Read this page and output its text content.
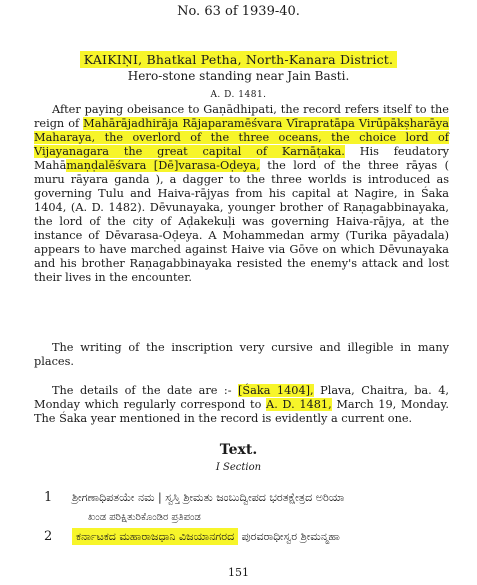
No. 63 of 1939-40.
KAIKIṆI, Bhatkal Petha, North-Kanara District.
Hero-stone standing near Jain Basti.
A. D. 1481.

After paying obeisance to Gaṇādhipati, the record refers itself to the reign of Mahārājadhirāja Rājaparamēśvara Vīrapratāpa Virūpākṣharāya Maharaya, the overlord of the three oceans, the choice lord of Vijayanagara the great capital of Karnāṭaka. His feudatory Mahāmaṇḍalēśvara [Dē]varasa-Oḍeya, the lord of the three rāyas ( muru rāyara ganda ), a dagger to the three worlds is introduced as governing Tulu and Haiva-rājyas from his capital at Nagire, in Śaka 1404, (A. D. 1482). Dēvunayaka, younger brother of Raṇagabbinayaka, the lord of the city of Aḍakekuḷi was governing Haiva-rājya, at the instance of Dēvarasa-Oḍeya. A Mohammedan army (Turika pāyadala) appears to have marched against Haive via Gōve on which Dēvunayaka and his brother Raṇagabbinayaka resisted the enemy's attack and lost their lives in the encounter.

The writing of the inscription very cursive and illegible in many places.

The details of the date are :- [Śaka 1404], Plava, Chaitra, ba. 4, Monday which regularly correspond to A. D. 1481, March 19, Monday. The Śaka year mentioned in the record is evidently a current one.

Text.
I Section
1 ಶ್ರೀಗಣಾಧಿಪತಯೇ ನಮ | ಸ್ವಸ್ತಿ ಶ್ರೀಮತು ಜಂಬುದ್ವೀಪದ ಭರತಕ್ಷೇತ್ರದ ಅರಿಯಾ
ಖಂಡ ಪರಿಕ್ಷಿತುರಿಕೊಂಡಿರ ಪ್ರತಿಪಂಡ
2 ಕರ್ನಾಟಕದ ಮಹಾರಾಜಧಾನಿ ವಿಜಯಾನಗರದ ಪುರವರಾಧೀಸ್ವರ ಶ್ರೀಮನ್ಮಹಾ
151
